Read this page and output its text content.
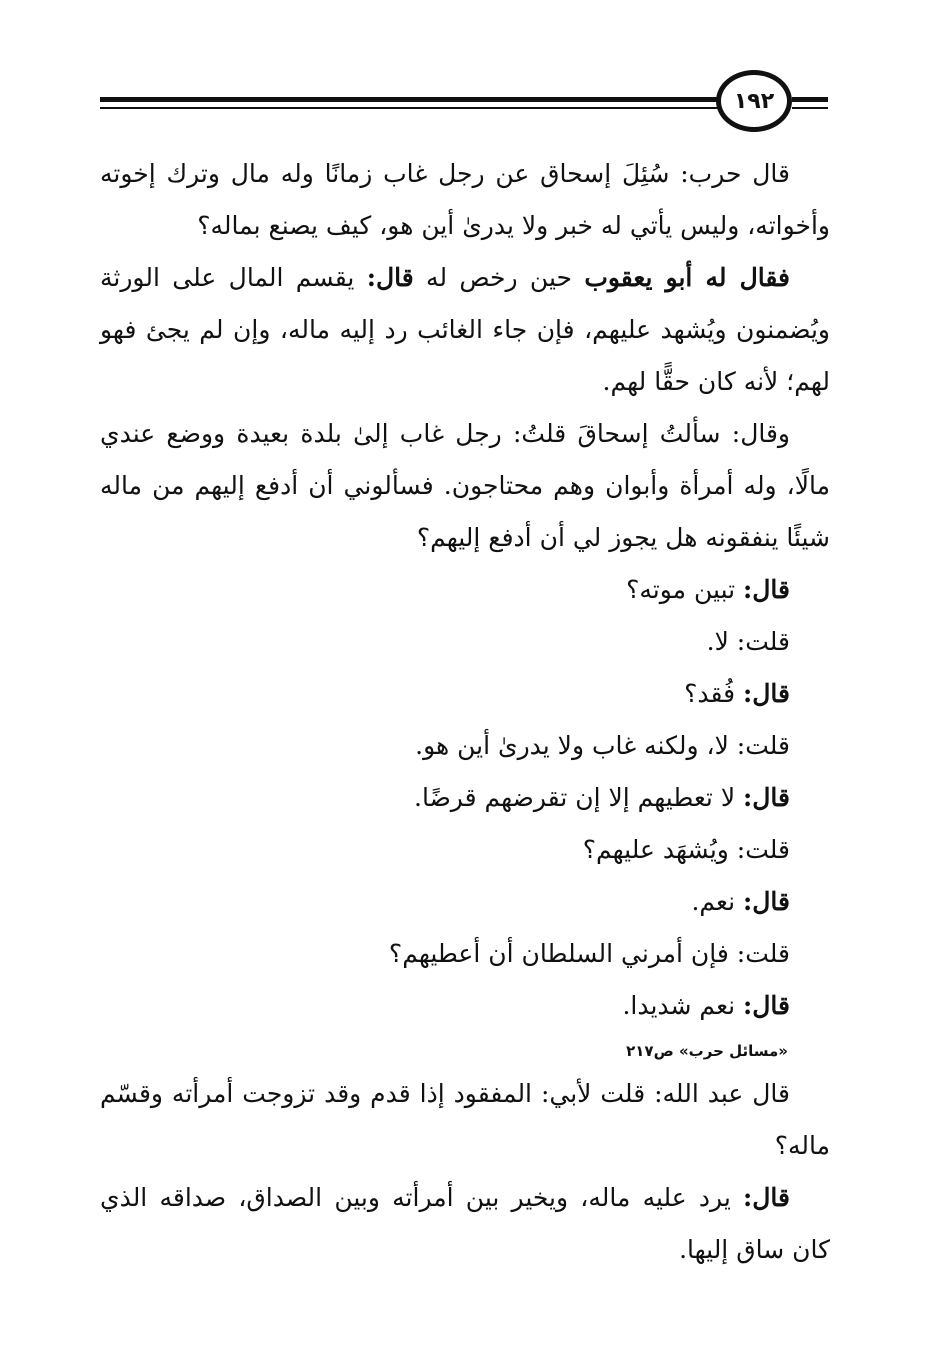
١٩٢

قال حرب: سُئِلَ إسحاق عن رجل غاب زمانًا وله مال وترك إخوته وأخواته، وليس يأتي له خبر ولا يدرىٰ أين هو، كيف يصنع بماله؟

فقال له أبو يعقوب حين رخص له قال: يقسم المال على الورثة ويُضمنون ويُشهد عليهم، فإن جاء الغائب رد إليه ماله، وإن لم يجئ فهو لهم؛ لأنه كان حقًّا لهم.

وقال: سألتُ إسحاقَ قلتُ: رجل غاب إلىٰ بلدة بعيدة ووضع عندي مالًا، وله أمرأة وأبوان وهم محتاجون. فسألوني أن أدفع إليهم من ماله شيئًا ينفقونه هل يجوز لي أن أدفع إليهم؟

قال: تبين موته؟
قلت: لا.
قال: فُقد؟
قلت: لا، ولكنه غاب ولا يدرىٰ أين هو.
قال: لا تعطيهم إلا إن تقرضهم قرضًا.
قلت: ويُشهَد عليهم؟
قال: نعم.
قلت: فإن أمرني السلطان أن أعطيهم؟
قال: نعم شديدا.
«مسائل حرب» ص٢١٧

قال عبد الله: قلت لأبي: المفقود إذا قدم وقد تزوجت أمرأته وقسّم ماله؟

قال: يرد عليه ماله، ويخير بين أمرأته وبين الصداق، صداقه الذي كان ساق إليها.
